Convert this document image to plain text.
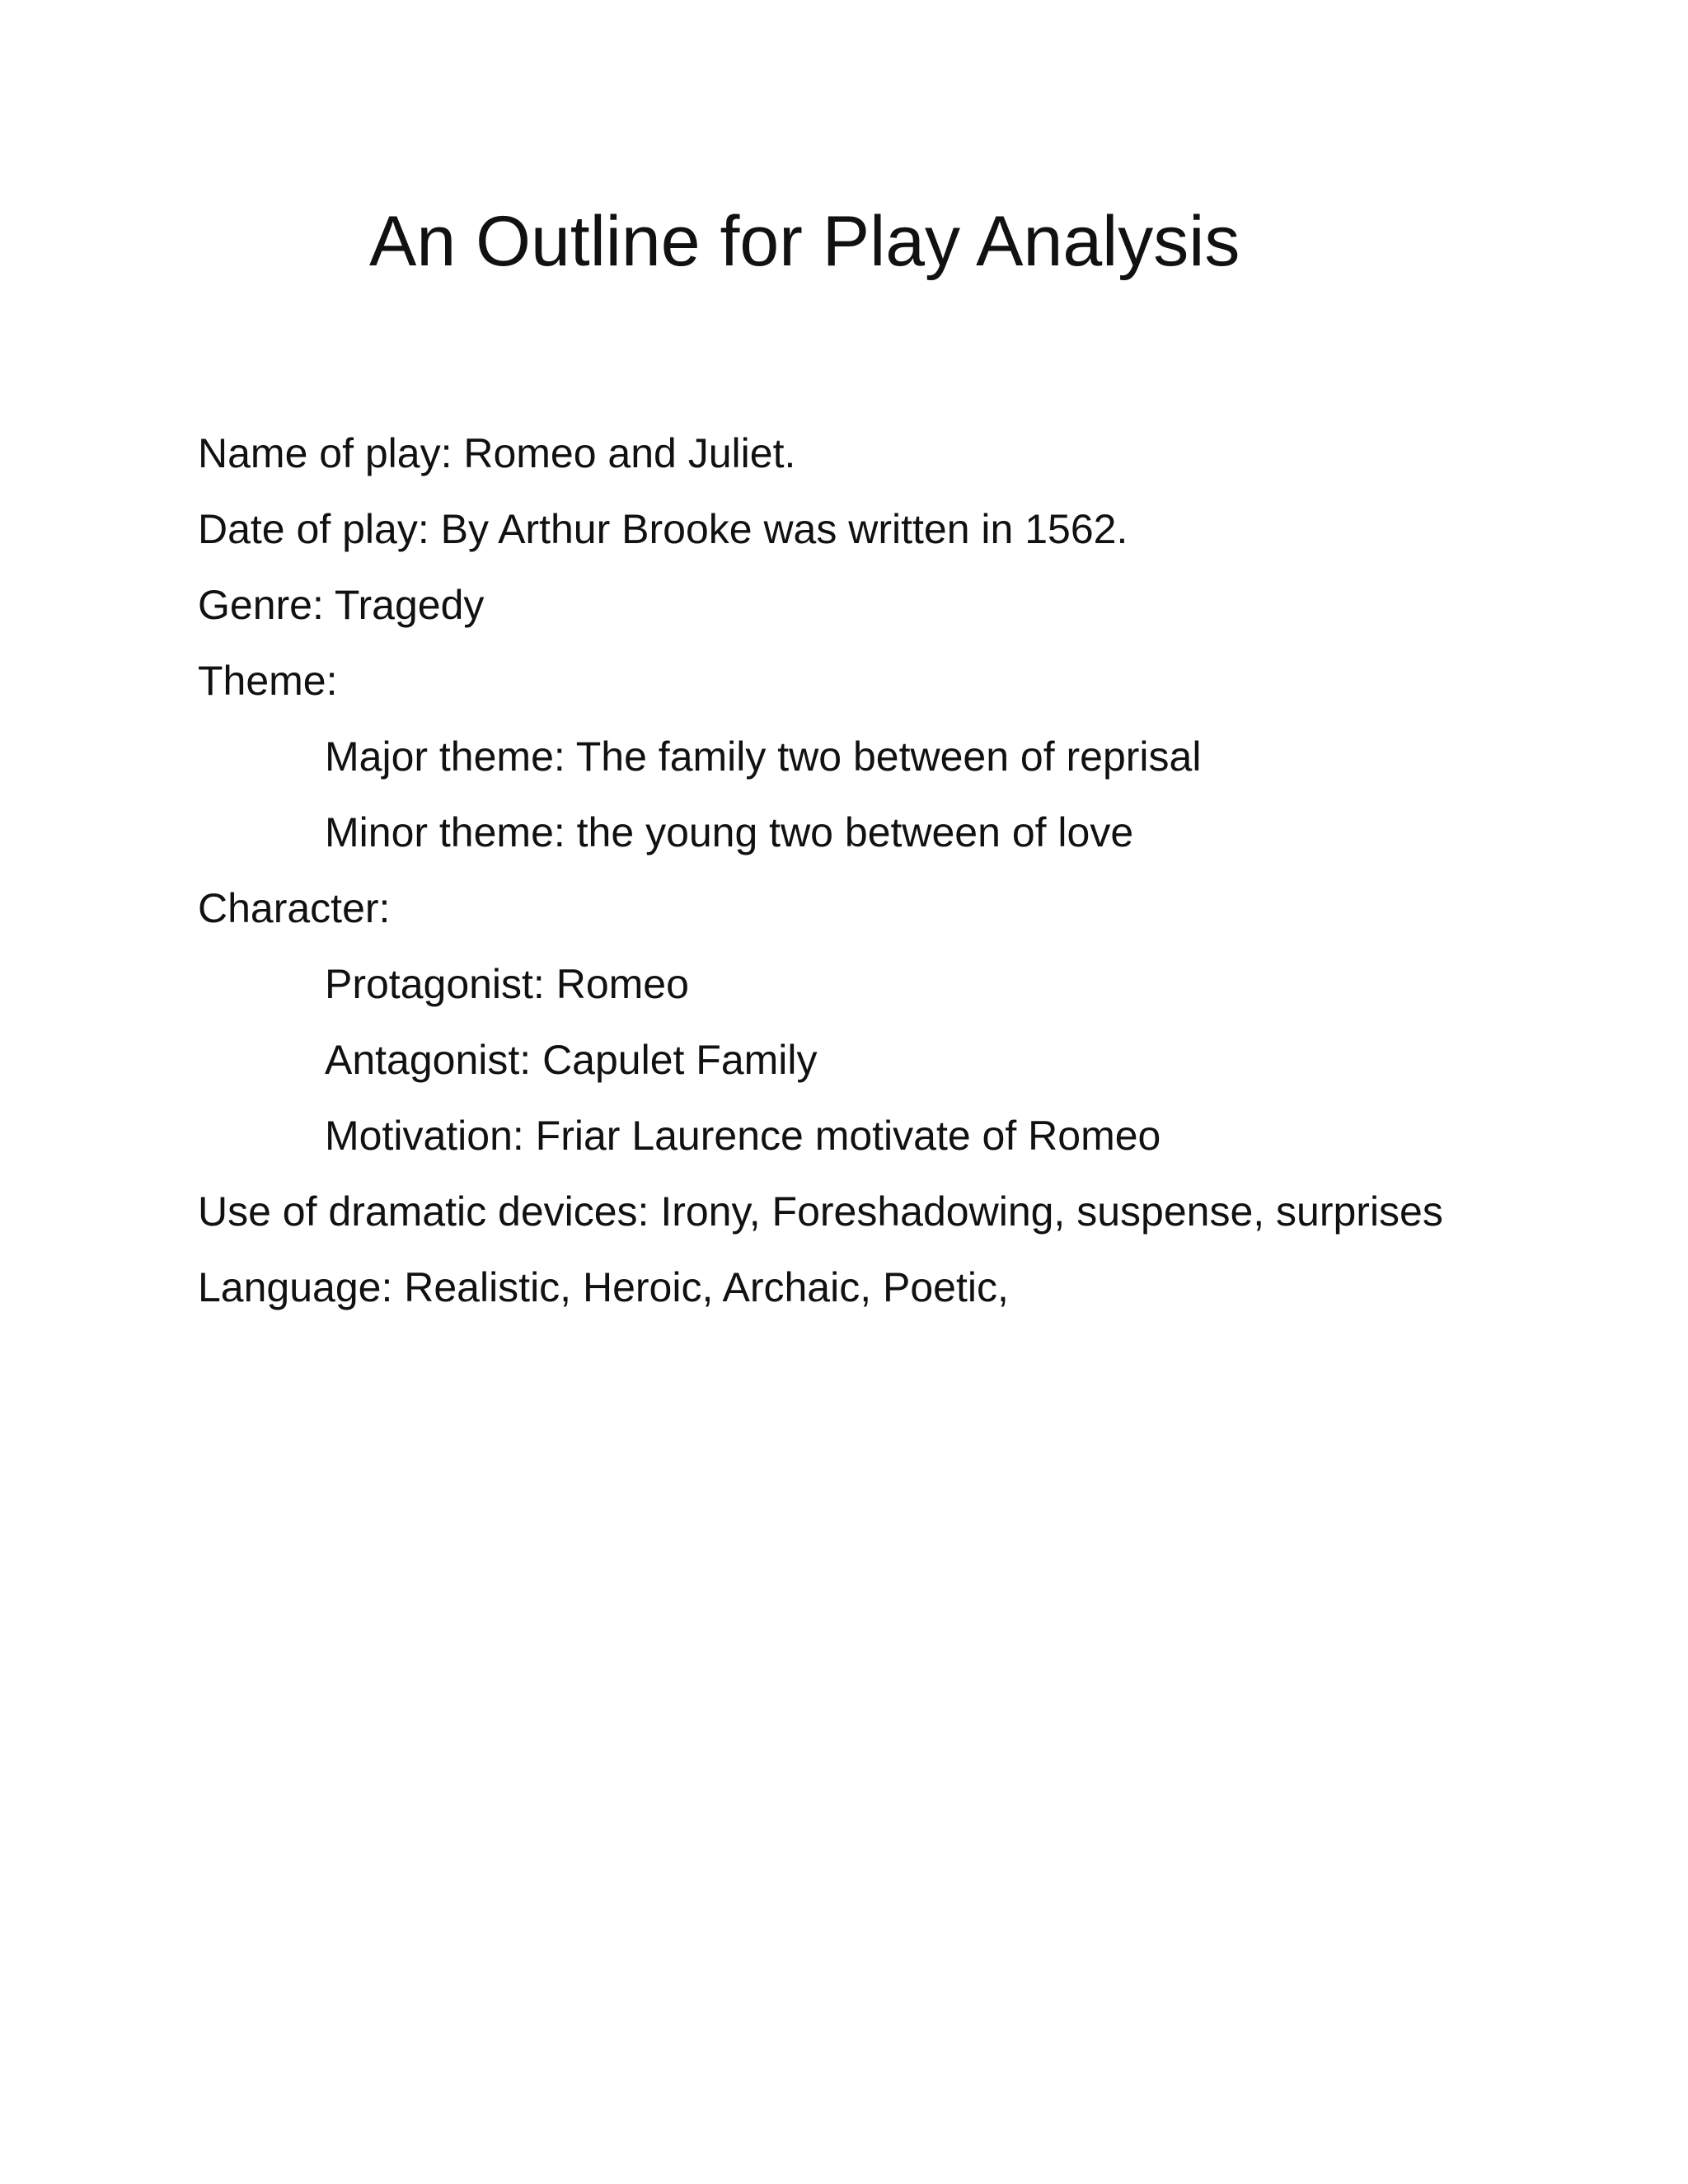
An Outline for Play Analysis

Name of play: Romeo and Juliet.

Date of play: By Arthur Brooke was written in 1562.

Genre: Tragedy

Theme:

Major theme: The family two between of reprisal

Minor theme: the young two between of love

Character:

Protagonist: Romeo

Antagonist: Capulet Family

Motivation: Friar Laurence motivate of Romeo

Use of dramatic devices: Irony, Foreshadowing, suspense, surprises

Language: Realistic, Heroic, Archaic, Poetic,
